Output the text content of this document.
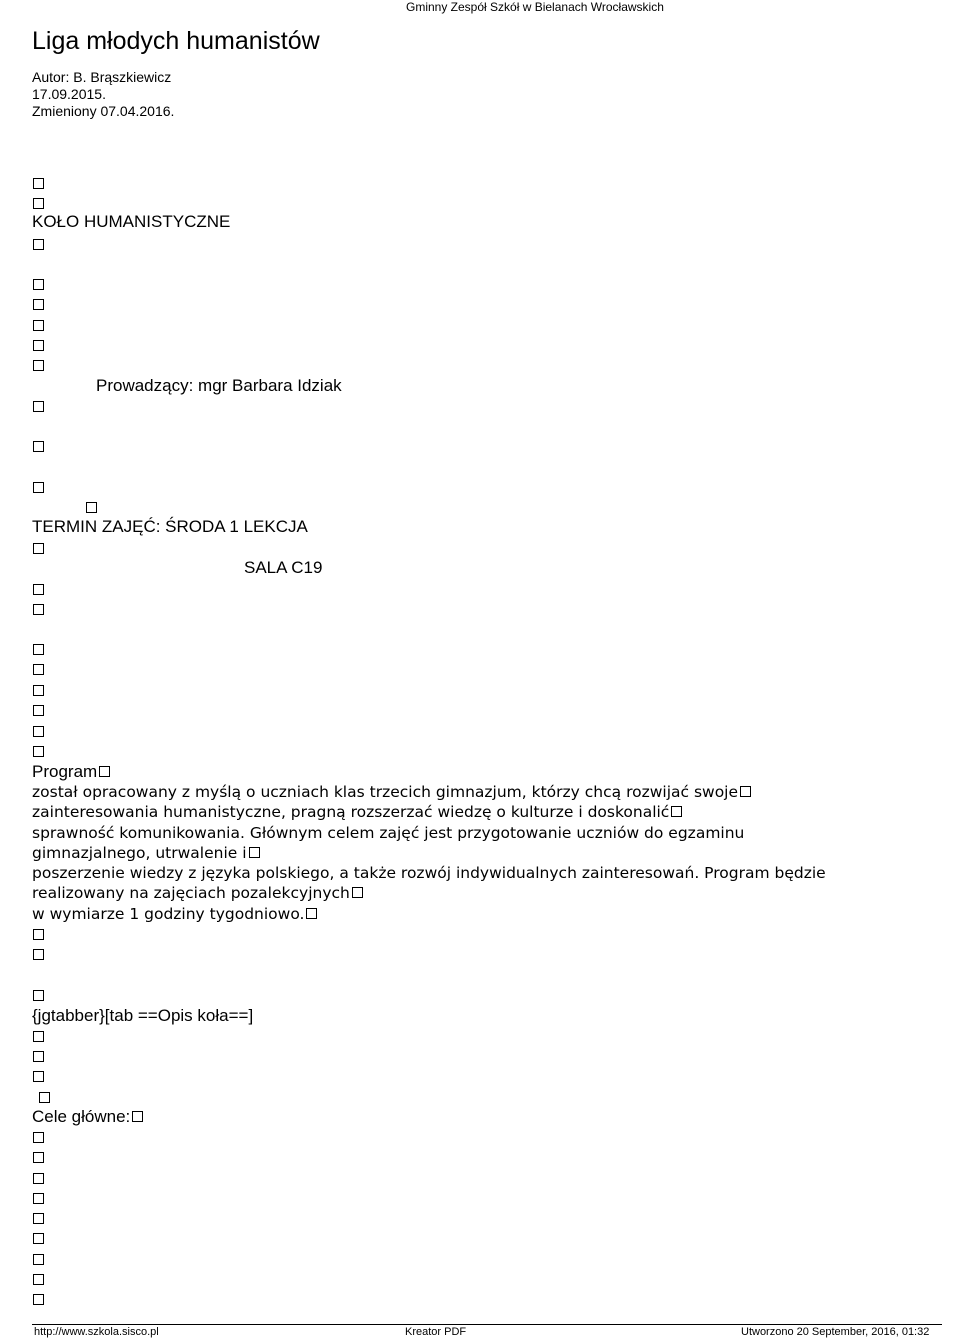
Gminny Zespół Szkół w Bielanach Wrocławskich
Liga młodych humanistów
Autor: B. Brąszkiewicz
17.09.2015.
Zmieniony 07.04.2016.
KOŁO HUMANISTYCZNE
Prowadzący: mgr Barbara Idziak
TERMIN ZAJĘĆ: ŚRODA 1 LEKCJA
SALA C19
Program
został opracowany z myślą o uczniach klas trzecich gimnazjum, którzy chcą rozwijać swoje
zainteresowania humanistyczne, pragną rozszerzać wiedzę o kulturze i doskonalić
sprawność komunikowania. Głównym celem zajęć jest przygotowanie uczniów do egzaminu
gimnazjalnego, utrwalenie i
poszerzenie wiedzy z języka polskiego, a także rozwój indywidualnych zainteresowań. Program będzie
realizowany na zajęciach pozalekcyjnych
w wymiarze 1 godziny tygodniowo.
{jgtabber}[tab ==Opis koła==]
Cele główne:
http://www.szkola.sisco.pl	Kreator PDF	Utworzono 20 September, 2016, 01:32
